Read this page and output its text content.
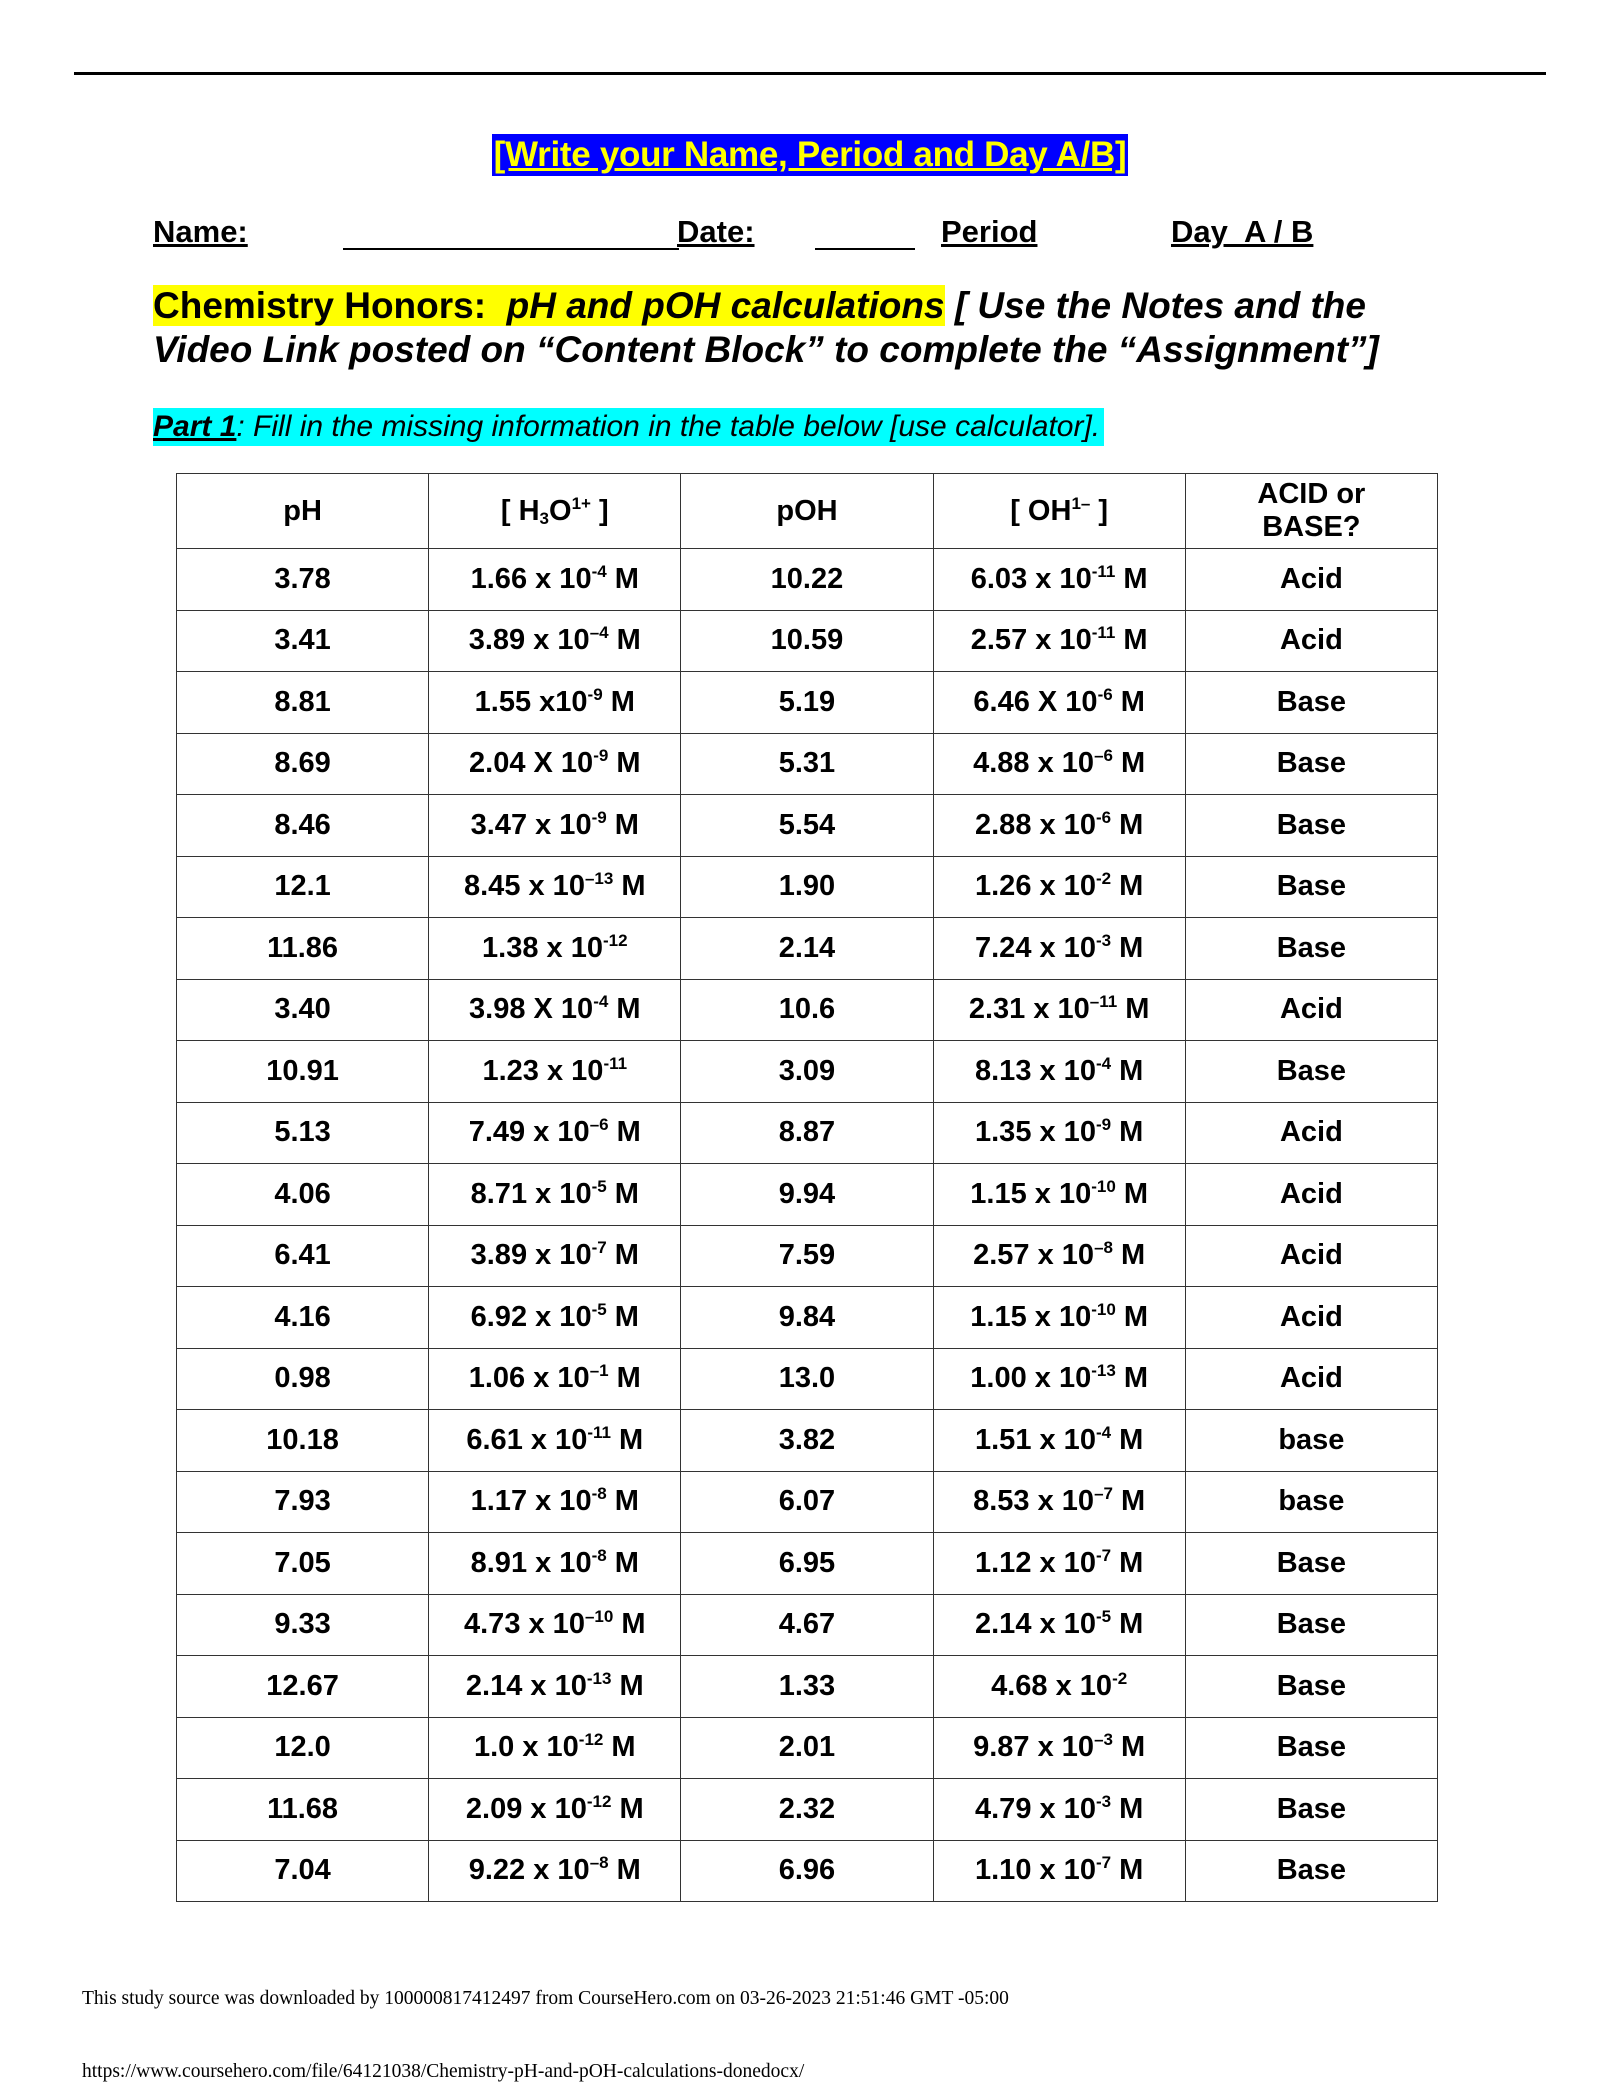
[Write your Name, Period and Day A/B]
Name:	Date:	Period	Day  A / B
Chemistry Honors: pH and pOH calculations [ Use the Notes and the Video Link posted on “Content Block” to complete the “Assignment”]
Part 1: Fill in the missing information in the table below [use calculator].
pH	[ $H_3O^{1+}$ ]	pOH	[ $OH^{1-}$ ]	ACID or
BASE?
3.78	1.66 x $10^{-4}$ M	10.22	6.03 x $10^{-11}$ M	Acid
3.41	3.89 x $10^{-4}$ M	10.59	2.57 x $10^{-11}$ M	Acid
8.81	1.55 $x10^{-9}$ M	5.19	6.46 X $10^{-6}$ M	Base
8.69	2.04 X $10^{-9}$ M	5.31	4.88 x $10^{-6}$ M	Base
8.46	3.47 x $10^{-9}$ M	5.54	2.88 x $10^{-6}$ M	Base
12.1	8.45 x $10^{-13}$ M	1.90	1.26 x $10^{-2}$ M	Base
11.86	1.38 x $10^{-12}$	2.14	7.24 x $10^{-3}$ M	Base
3.40	3.98 X $10^{-4}$ M	10.6	2.31 x $10^{-11}$ M	Acid
10.91	1.23 x $10^{-11}$	3.09	8.13 x $10^{-4}$ M	Base
5.13	7.49 x $10^{-6}$ M	8.87	1.35 x $10^{-9}$ M	Acid
4.06	8.71 x $10^{-5}$ M	9.94	1.15 x $10^{-10}$ M	Acid
6.41	3.89 x $10^{-7}$ M	7.59	2.57 x $10^{-8}$ M	Acid
4.16	6.92 x $10^{-5}$ M	9.84	1.15 x $10^{-10}$ M	Acid
0.98	1.06 x $10^{-1}$ M	13.0	1.00 x $10^{-13}$ M	Acid
10.18	6.61 x $10^{-11}$ M	3.82	1.51 x $10^{-4}$ M	base
7.93	1.17 x $10^{-8}$ M	6.07	8.53 x $10^{-7}$ M	base
7.05	8.91 x $10^{-8}$ M	6.95	1.12 x $10^{-7}$ M	Base
9.33	4.73 x $10^{-10}$ M	4.67	2.14 x $10^{-5}$ M	Base
12.67	2.14 x $10^{-13}$ M	1.33	4.68 x $10^{-2}$	Base
12.0	1.0 x $10^{-12}$ M	2.01	9.87 x $10^{-3}$ M	Base
11.68	2.09 x $10^{-12}$ M	2.32	4.79 x $10^{-3}$ M	Base
7.04	9.22 x $10^{-8}$ M	6.96	1.10 x $10^{-7}$ M	Base
This study source was downloaded by 100000817412497 from CourseHero.com on 03-26-2023 21:51:46 GMT -05:00
https://www.coursehero.com/file/64121038/Chemistry-pH-and-pOH-calculations-donedocx/
